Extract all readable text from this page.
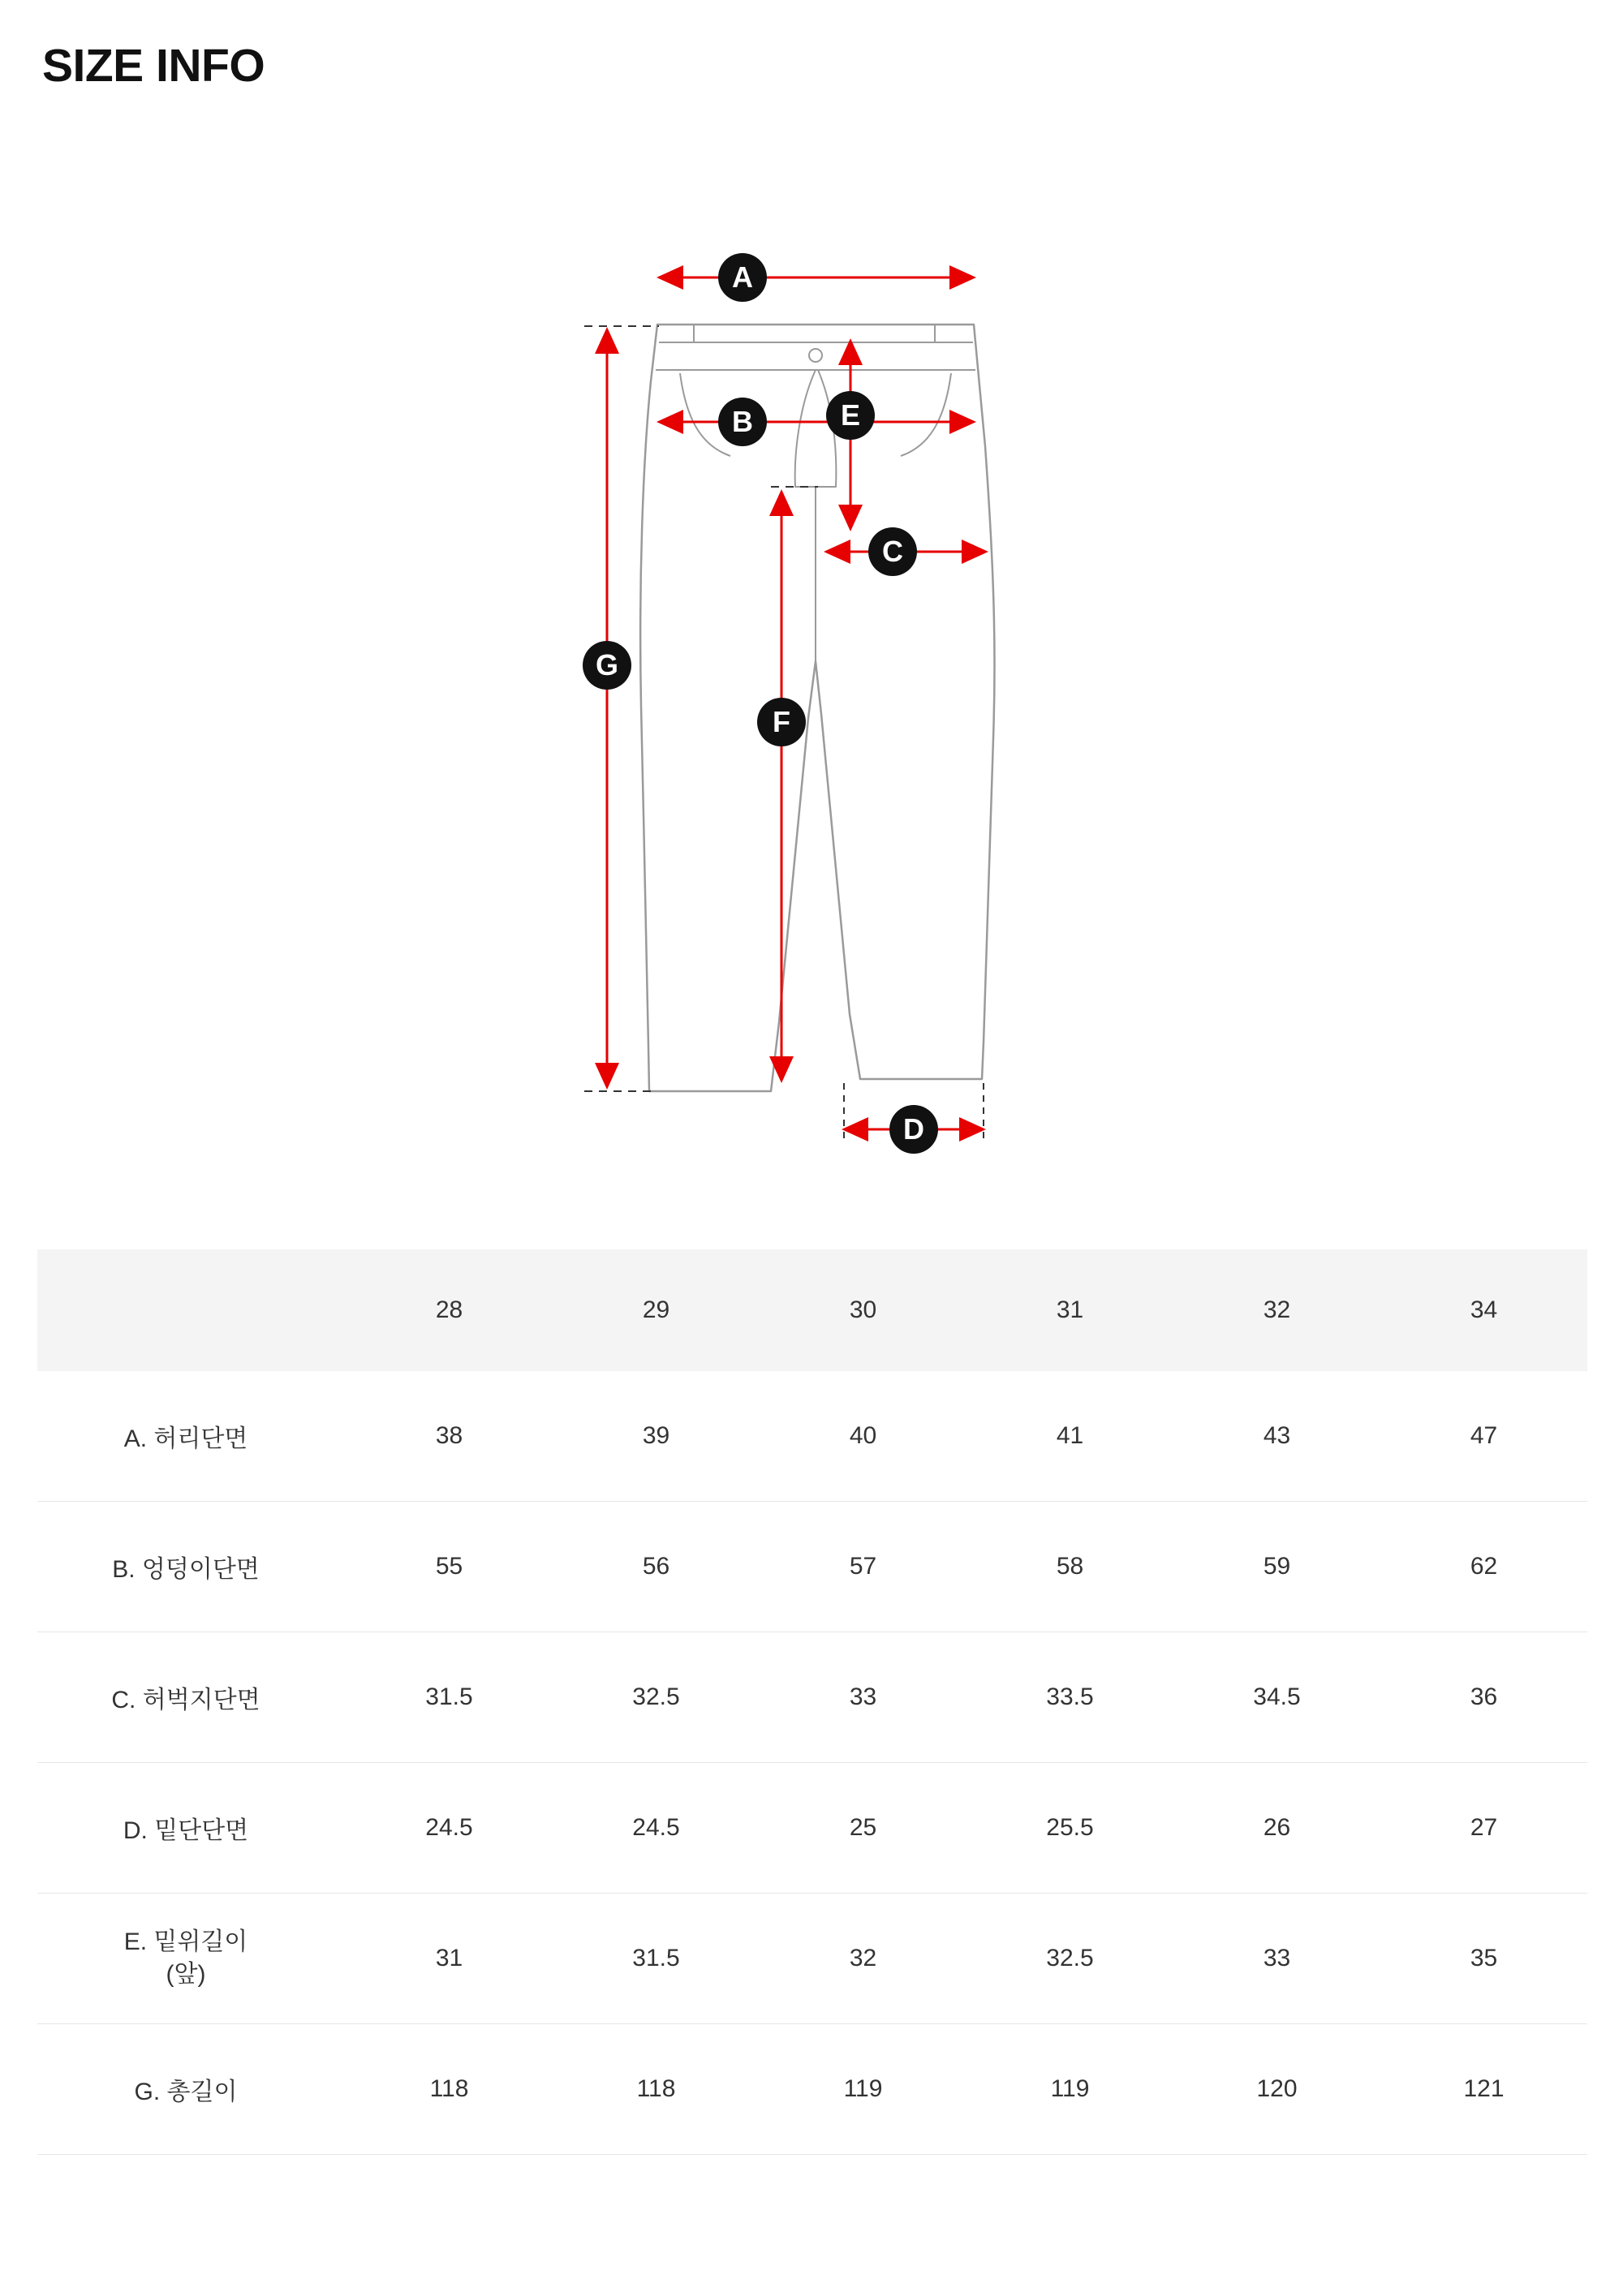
SIZE INFO
A
B	E
C
F
G
D
	28	29	30	31	32	34
A. 허리단면	38	39	40	41	43	47
B. 엉덩이단면	55	56	57	58	59	62
C. 허벅지단면	31.5	32.5	33	33.5	34.5	36
D. 밑단단면	24.5	24.5	25	25.5	26	27

E. 밑위길이
(앞)	31	31.5	32	32.5	33	35
G. 총길이	118	118	119	119	120	121
